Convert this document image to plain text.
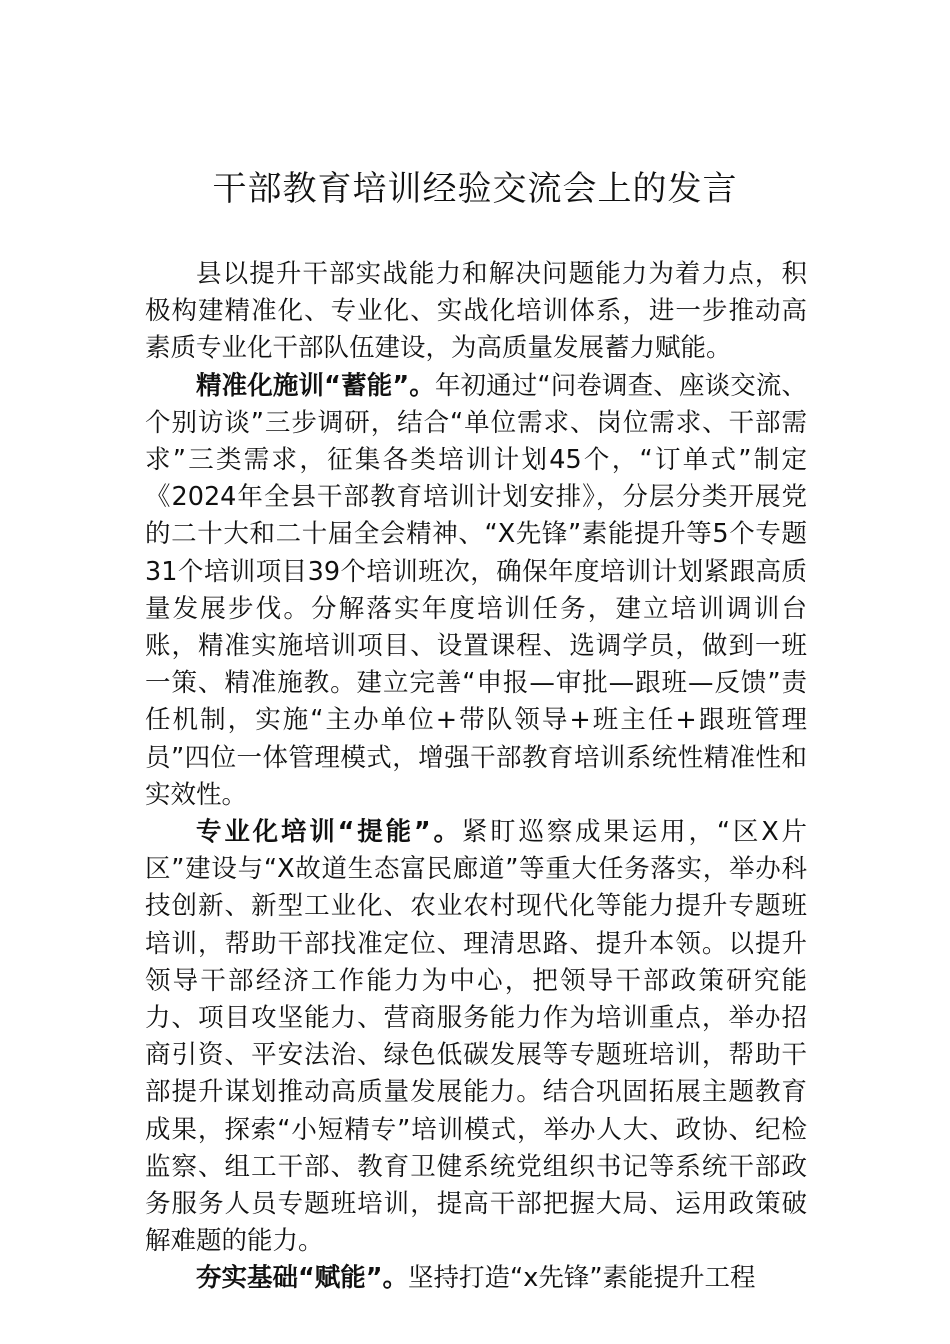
干部教育培训经验交流会上的发言

县以提升干部实战能力和解决问题能力为着力点，积极构建精准化、专业化、实战化培训体系，进一步推动高素质专业化干部队伍建设，为高质量发展蓄力赋能。

精准化施训“蓄能”。年初通过“问卷调查、座谈交流、个别访谈”三步调研，结合“单位需求、岗位需求、干部需求”三类需求，征集各类培训计划45个，“订单式”制定《2024年全县干部教育培训计划安排》，分层分类开展党的二十大和二十届全会精神、“X先锋”素能提升等5个专题31个培训项目39个培训班次，确保年度培训计划紧跟高质量发展步伐。分解落实年度培训任务，建立培训调训台账，精准实施培训项目、设置课程、选调学员，做到一班一策、精准施教。建立完善“申报—审批—跟班—反馈”责任机制，实施“主办单位+带队领导+班主任+跟班管理员”四位一体管理模式，增强干部教育培训系统性精准性和实效性。

专业化培训“提能”。紧盯巡察成果运用，“区X片区”建设与“X故道生态富民廊道”等重大任务落实，举办科技创新、新型工业化、农业农村现代化等能力提升专题班培训，帮助干部找准定位、理清思路、提升本领。以提升领导干部经济工作能力为中心，把领导干部政策研究能力、项目攻坚能力、营商服务能力作为培训重点，举办招商引资、平安法治、绿色低碳发展等专题班培训，帮助干部提升谋划推动高质量发展能力。结合巩固拓展主题教育成果，探索“小短精专”培训模式，举办人大、政协、纪检监察、组工干部、教育卫健系统党组织书记等系统干部政务服务人员专题班培训，提高干部把握大局、运用政策破解难题的能力。

夯实基础“赋能”。坚持打造“x先锋”素能提升工程
